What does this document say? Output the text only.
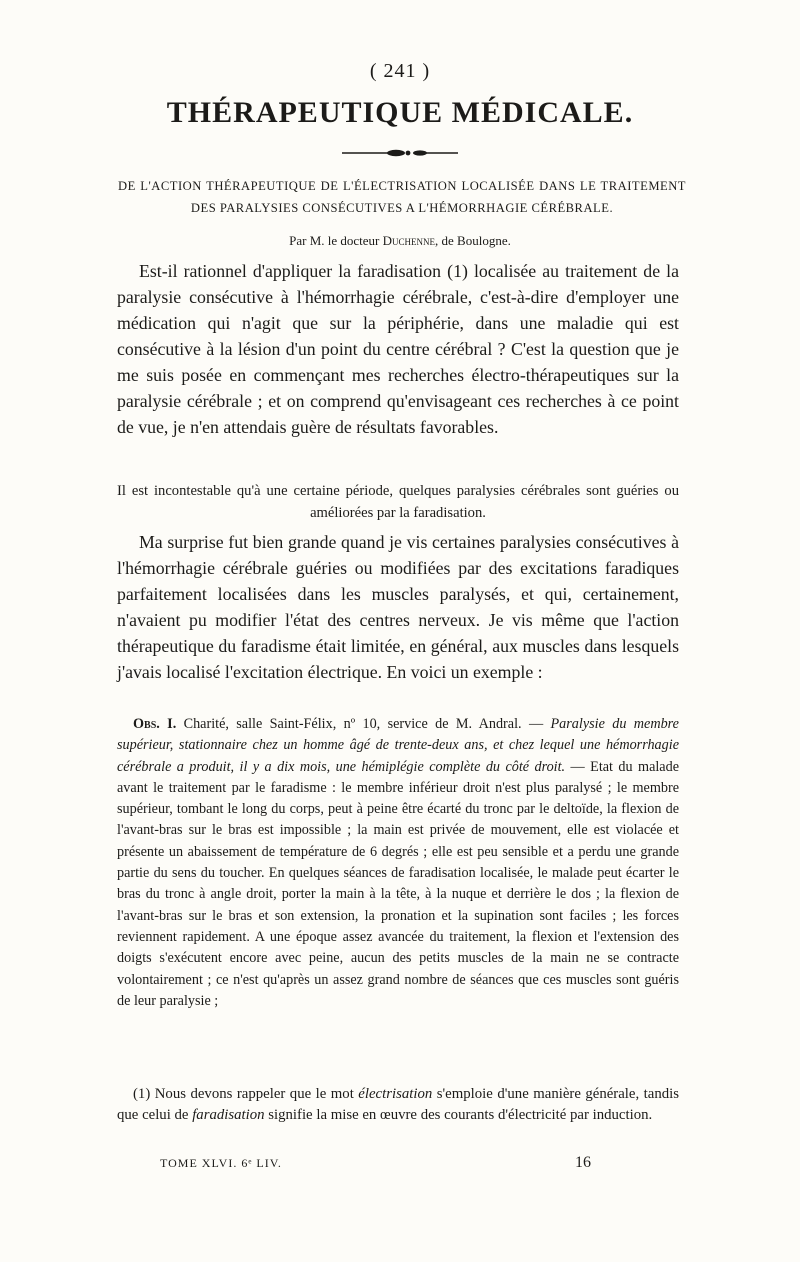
( 241 )
THÉRAPEUTIQUE MÉDICALE.
DE L'ACTION THÉRAPEUTIQUE DE L'ÉLECTRISATION LOCALISÉE DANS LE TRAITEMENT DES PARALYSIES CONSÉCUTIVES A L'HÉMORRHAGIE CÉRÉBRALE.
Par M. le docteur Duchenne, de Boulogne.

Est-il rationnel d'appliquer la faradisation (1) localisée au traitement de la paralysie consécutive à l'hémorrhagie cérébrale, c'est-à-dire d'employer une médication qui n'agit que sur la périphérie, dans une maladie qui est consécutive à la lésion d'un point du centre cérébral ? C'est la question que je me suis posée en commençant mes recherches électro-thérapeutiques sur la paralysie cérébrale ; et on comprend qu'envisageant ces recherches à ce point de vue, je n'en attendais guère de résultats favorables.

Il est incontestable qu'à une certaine période, quelques paralysies cérébrales sont guéries ou améliorées par la faradisation.

Ma surprise fut bien grande quand je vis certaines paralysies consécutives à l'hémorrhagie cérébrale guéries ou modifiées par des excitations faradiques parfaitement localisées dans les muscles paralysés, et qui, certainement, n'avaient pu modifier l'état des centres nerveux. Je vis même que l'action thérapeutique du faradisme était limitée, en général, aux muscles dans lesquels j'avais localisé l'excitation électrique. En voici un exemple :

Obs. I. Charité, salle Saint-Félix, nº 10, service de M. Andral. — Paralysie du membre supérieur, stationnaire chez un homme âgé de trente-deux ans, et chez lequel une hémorrhagie cérébrale a produit, il y a dix mois, une hémiplégie complète du côté droit. — Etat du malade avant le traitement par le faradisme : le membre inférieur droit n'est plus paralysé ; le membre supérieur, tombant le long du corps, peut à peine être écarté du tronc par le deltoïde, la flexion de l'avant-bras sur le bras est impossible ; la main est privée de mouvement, elle est violacée et présente un abaissement de température de 6 degrés ; elle est peu sensible et a perdu une grande partie du sens du toucher. En quelques séances de faradisation localisée, le malade peut écarter le bras du tronc à angle droit, porter la main à la tête, à la nuque et derrière le dos ; la flexion de l'avant-bras sur le bras et son extension, la pronation et la supination sont faciles ; les forces reviennent rapidement. A une époque assez avancée du traitement, la flexion et l'extension des doigts s'exécutent encore avec peine, aucun des petits muscles de la main ne se contracte volontairement ; ce n'est qu'après un assez grand nombre de séances que ces muscles sont guéris de leur paralysie ;

(1) Nous devons rappeler que le mot électrisation s'emploie d'une manière générale, tandis que celui de faradisation signifie la mise en œuvre des courants d'électricité par induction.

TOME XLVI. 6ᵉ LIV.	16
